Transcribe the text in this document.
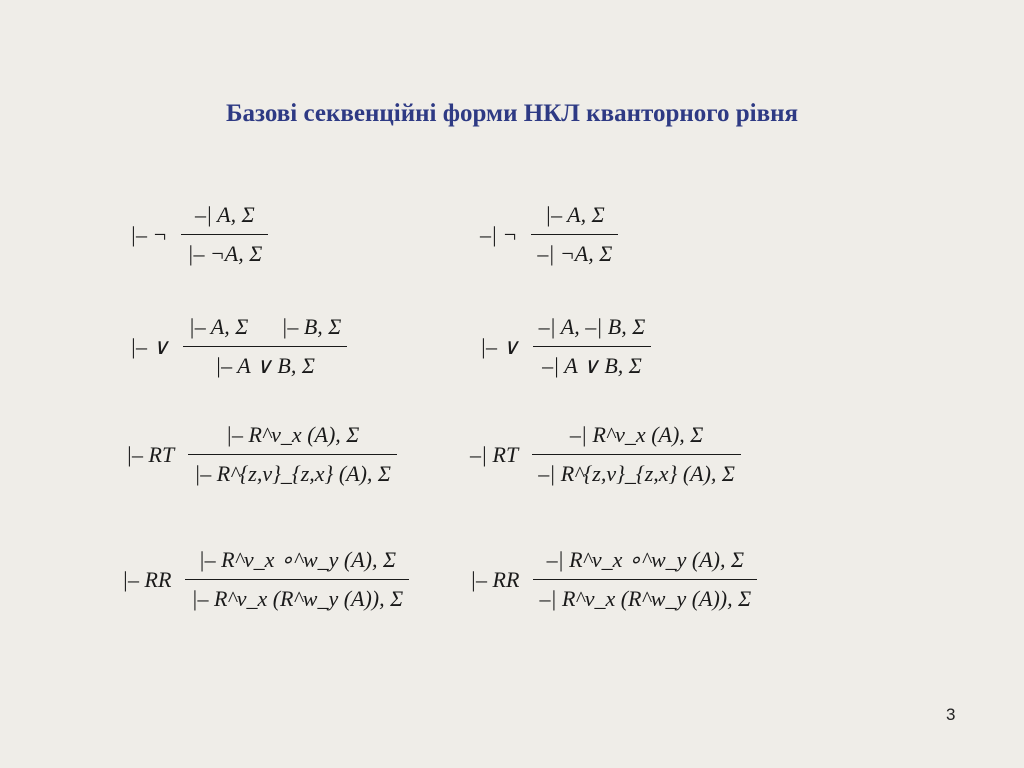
Базові секвенційні форми НКЛ кванторного рівня
|– ¬ $\frac{-| A, \Sigma}{|- \neg A, \Sigma}$	–| ¬ $\frac{|- A, \Sigma}{-| \neg A, \Sigma}$
|– ∨ $\frac{|- A, \Sigma |- B, \Sigma}{|- A \vee B, \Sigma}$	|– ∨ $\frac{-| A, -| B, \Sigma}{-| A \vee B, \Sigma}$
|– RT $\frac{|- R\^{}v\_x (A), \Sigma}{|- R\^{}\{z,v\}\_\{z,x\} (A), \Sigma}$	–| RT $\frac{-| R\^{}v\_x (A), \Sigma}{-| R\^{}\{z,v\}\_\{z,x\} (A), \Sigma}$
|– RR $\frac{|- R\^{}v\_x \circ\^{}w\_y (A), \Sigma}{|- R\^{}v\_x (R\^{}w\_y (A)), \Sigma}$	|– RR $\frac{-| R\^{}v\_x \circ\^{}w\_y (A), \Sigma}{-| R\^{}v\_x (R\^{}w\_y (A)), \Sigma}$
3
